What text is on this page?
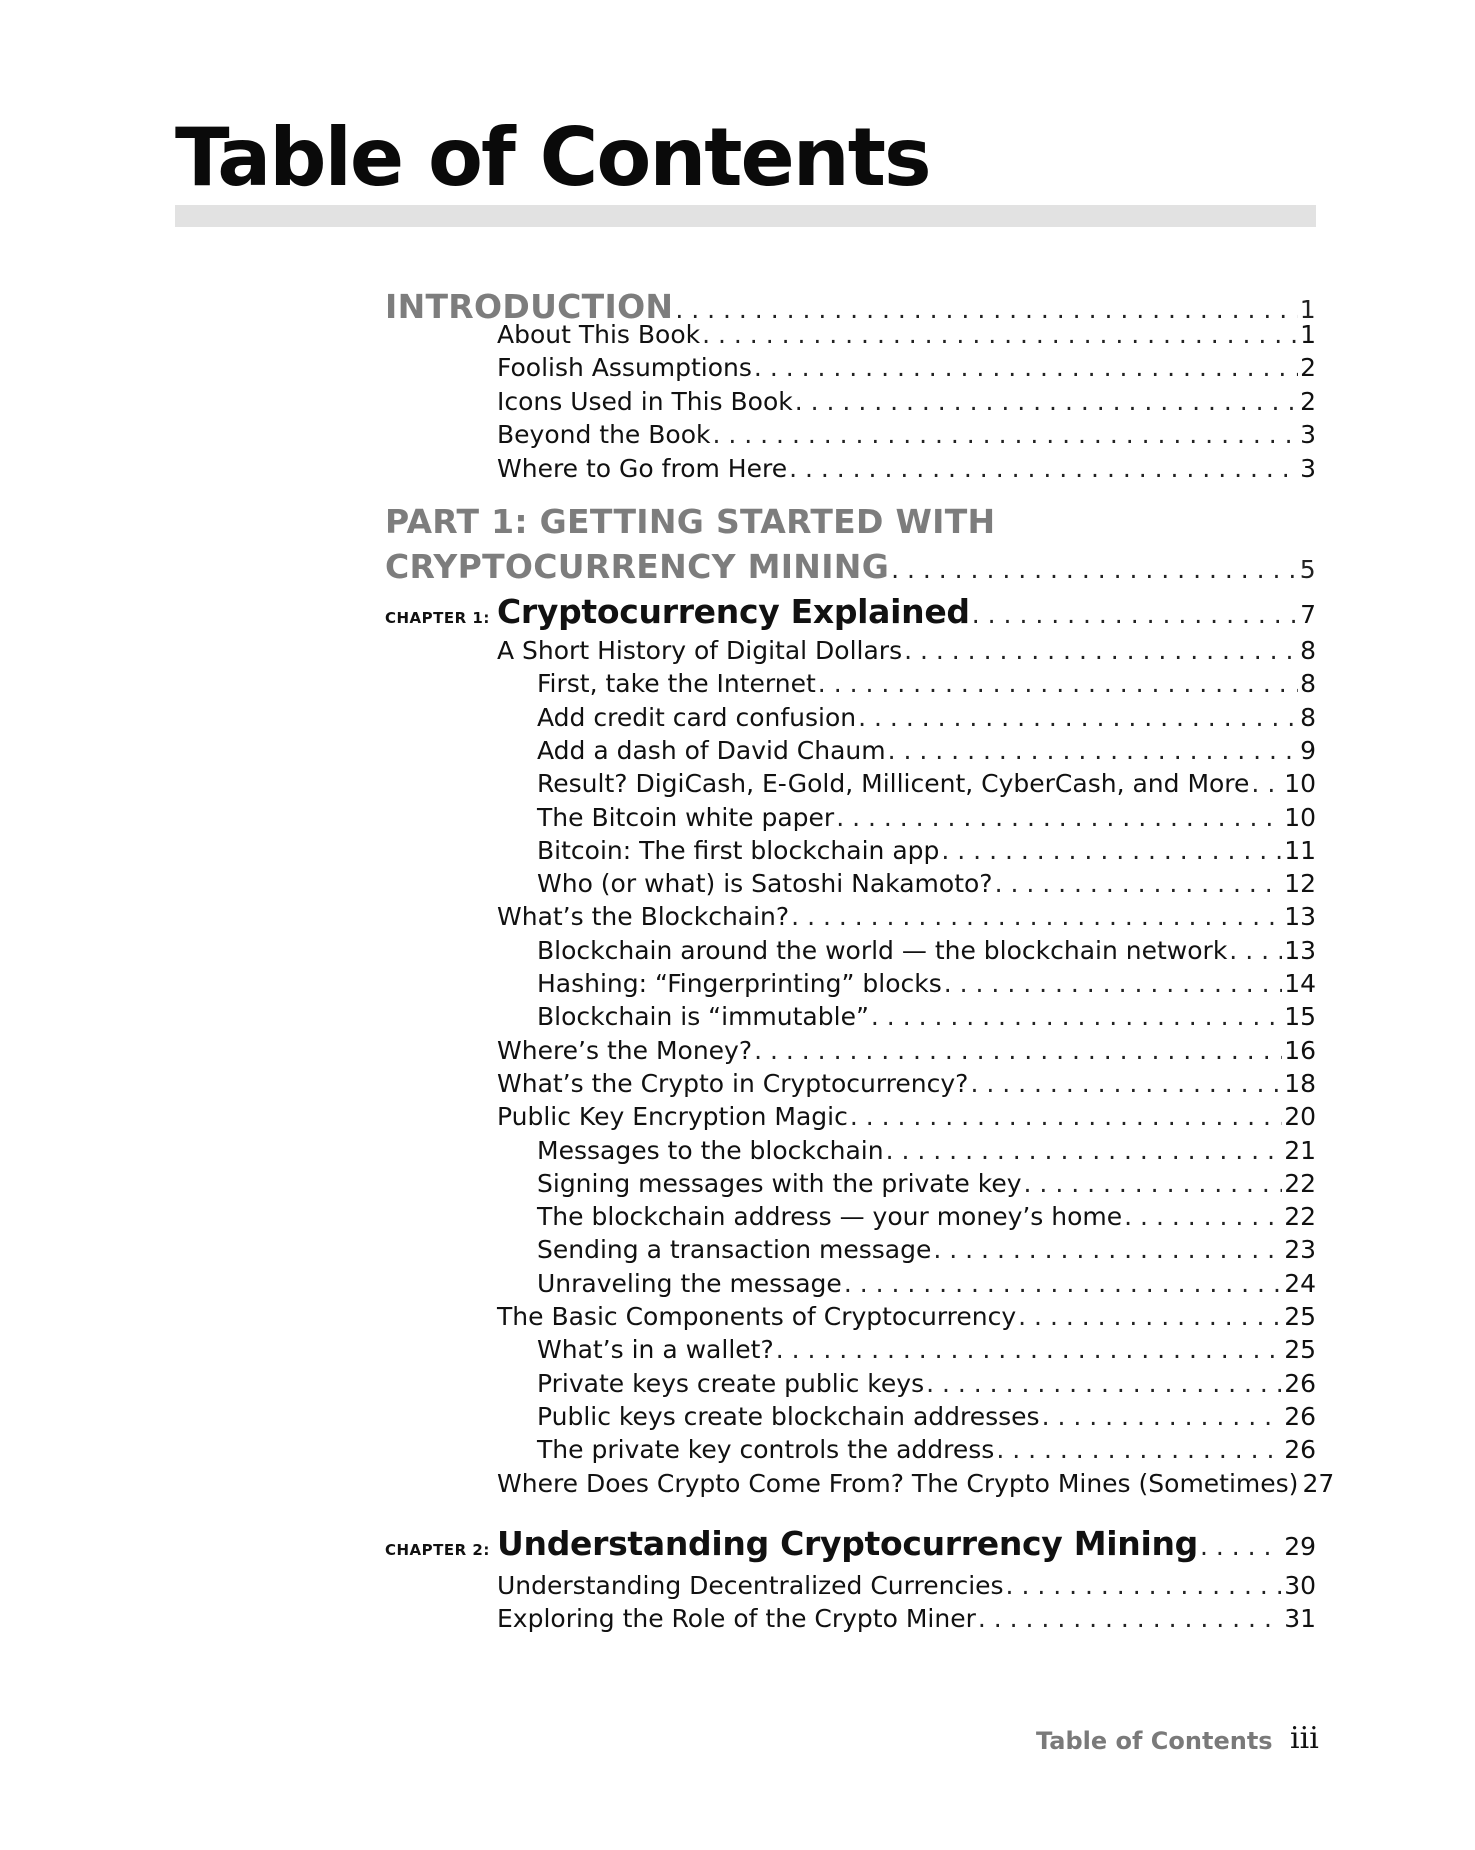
Table of Contents
INTRODUCTION . . .	1
About This Book . . .	1
Foolish Assumptions . . .	2
Icons Used in This Book . . .	2
Beyond the Book . . .	3
Where to Go from Here . . .	3
PART 1: GETTING STARTED WITH
CRYPTOCURRENCY MINING . . .	5
CHAPTER 1: Cryptocurrency Explained . . .	7
A Short History of Digital Dollars . . .	8
First, take the Internet . . .	8
Add credit card confusion . . .	8
Add a dash of David Chaum . . .	9
Result? DigiCash, E-Gold, Millicent, CyberCash, and More . . . 10
The Bitcoin white paper . . .	10
Bitcoin: The first blockchain app . . .	11
Who (or what) is Satoshi Nakamoto? . . .	12
What’s the Blockchain? . . .	13
Blockchain around the world — the blockchain network . . . 13
Hashing: “Fingerprinting” blocks . . .	14
Blockchain is “immutable” . . .	15
Where’s the Money? . . .	16
What’s the Crypto in Cryptocurrency? . . .	18
Public Key Encryption Magic . . .	20
Messages to the blockchain . . .	21
Signing messages with the private key . . .	22
The blockchain address — your money’s home . . .	22
Sending a transaction message . . .	23
Unraveling the message . . .	24
The Basic Components of Cryptocurrency . . .	25
What’s in a wallet? . . .	25
Private keys create public keys . . .	26
Public keys create blockchain addresses . . .	26
The private key controls the address . . .	26
Where Does Crypto Come From? The Crypto Mines (Sometimes) 27
CHAPTER 2: Understanding Cryptocurrency Mining . . .	29
Understanding Decentralized Currencies . . .	30
Exploring the Role of the Crypto Miner . . .	31
Table of Contents iii
